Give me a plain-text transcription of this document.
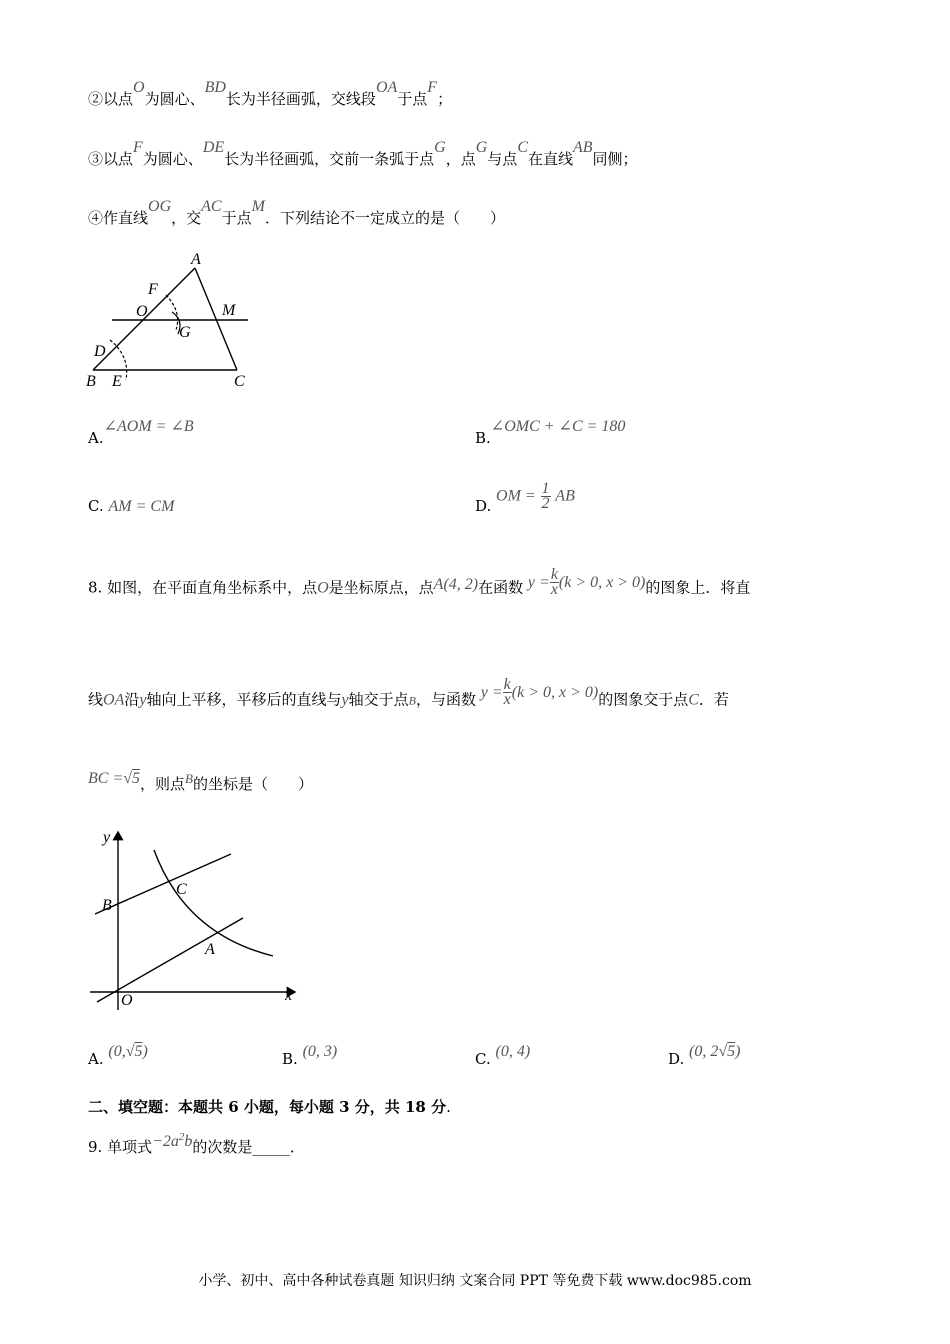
②以点O为圆心、BD长为半径画弧，交线段OA于点F；
③以点F为圆心、DE长为半径画弧，交前一条弧于点G，点G与点C在直线AB同侧；
④作直线OG，交AC于点M．下列结论不一定成立的是（　　）
A
F
O	M
G
D
B E	C
A.∠AOM = ∠B
B.∠OMC + ∠C = 180
C. AM = CM	D. OM = $\frac{1}{2}$ AB
8. 如图，在平面直角坐标系中，点O是坐标原点，点A(4, 2)在函数 $y = \frac{k}{x} (k > 0$, x > 0)的图象上．将直
线OA沿y轴向上平移，平移后的直线与y轴交于点B，与函数 $y = \frac{k}{x} (k > 0$, x > 0)的图象交于点C．若
BC =√5，则点B的坐标是（　　）
y
x
B
C
A
O
A. (0,√5)	B. (0, 3)	C. (0, 4)	D. (0, 2√5)
二、填空题：本题共 6 小题，每小题 3 分，共 18 分.
9. 单项式$-2a^2b$的次数是_____．
小学、初中、高中各种试卷真题 知识归纳 文案合同 PPT 等免费下载 www.doc985.com
